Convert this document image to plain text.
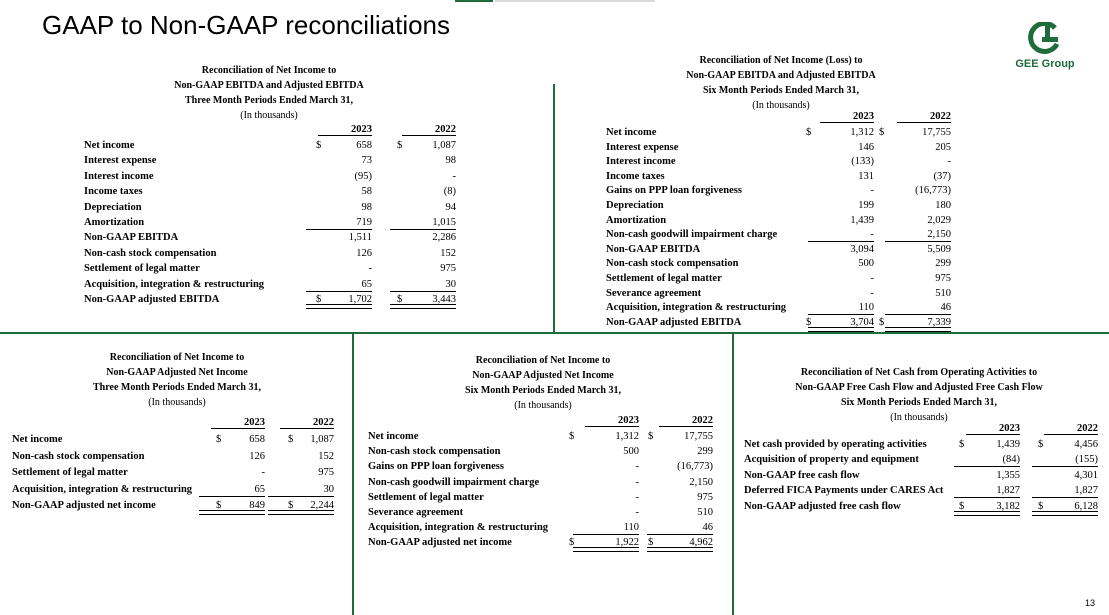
GAAP to Non-GAAP reconciliations
GEE Group
Reconciliation of Net Income to
Non-GAAP EBITDA and Adjusted EBITDA
Three Month Periods Ended March 31,
(In thousands)
2023	2022
Net income	$	658 $	1,087
Interest expense	73	98
Interest income	(95)	-
Income taxes	58	(8)
Depreciation	98	94
Amortization	719	1,015
Non-GAAP EBITDA	1,511	2,286
Non-cash stock compensation	126	152
Settlement of legal matter	-	975
Acquisition, integration & restructuring	65	30
Non-GAAP adjusted EBITDA	$	1,702 $	3,443
Reconciliation of Net Income (Loss) to
Non-GAAP EBITDA and Adjusted EBITDA
Six Month Periods Ended March 31,
(In thousands)
2023	2022
Net income	$	1,312 $	17,755
Interest expense	146	205
Interest income	(133)	-
Income taxes	131	(37)
Gains on PPP loan forgiveness	-	(16,773)
Depreciation	199	180
Amortization	1,439	2,029
Non-cash goodwill impairment charge	-	2,150
Non-GAAP EBITDA	3,094	5,509
Non-cash stock compensation	500	299
Settlement of legal matter	-	975
Severance agreement	-	510
Acquisition, integration & restructuring	110	46
Non-GAAP adjusted EBITDA	$	3,704 $	7,339
Reconciliation of Net Income to
Non-GAAP Adjusted Net Income
Three Month Periods Ended March 31,
(In thousands)
2023	2022
Net income	$	658 $	1,087
Non-cash stock compensation	126	152
Settlement of legal matter	-	975
Acquisition, integration & restructuring	65	30
Non-GAAP adjusted net income	$	849 $	2,244
Reconciliation of Net Income to
Non-GAAP Adjusted Net Income
Six Month Periods Ended March 31,
(In thousands)
2023	2022
Net income	$	1,312 $	17,755
Non-cash stock compensation	500	299
Gains on PPP loan forgiveness	-	(16,773)
Non-cash goodwill impairment charge	-	2,150
Settlement of legal matter	-	975
Severance agreement	-	510
Acquisition, integration & restructuring	110	46
Non-GAAP adjusted net income	$	1,922 $	4,962
Reconciliation of Net Cash from Operating Activities to
Non-GAAP Free Cash Flow and Adjusted Free Cash Flow
Six Month Periods Ended March 31,
(In thousands)
2023	2022
Net cash provided by operating activities	$	1,439 $	4,456
Acquisition of property and equipment	(84)	(155)
Non-GAAP free cash flow	1,355	4,301
Deferred FICA Payments under CARES Act	1,827	1,827
Non-GAAP adjusted free cash flow	$	3,182 $	6,128
13
